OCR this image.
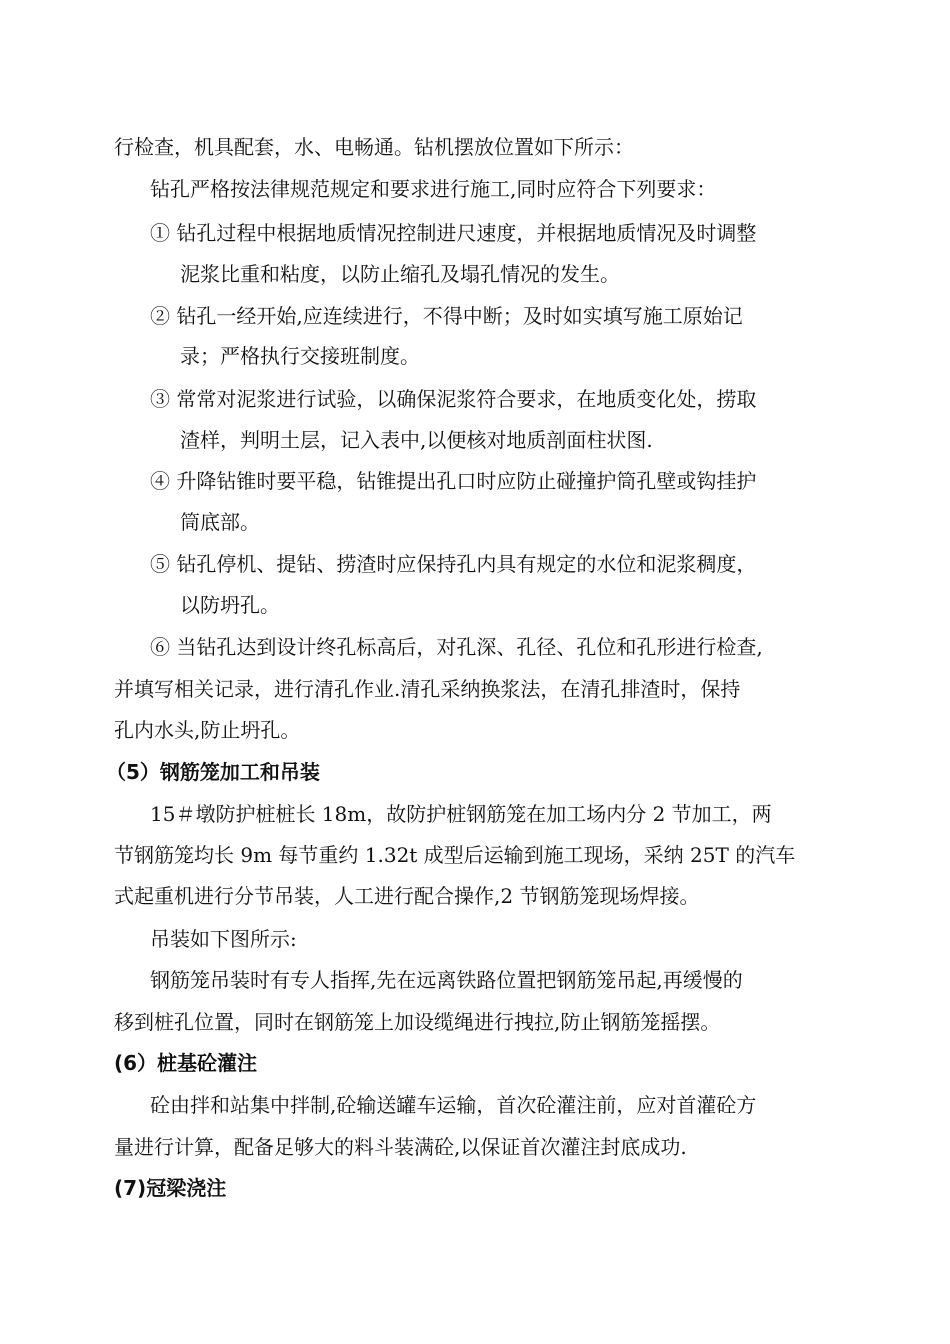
行检查，机具配套，水、电畅通。钻机摆放位置如下所示：
钻孔严格按法律规范规定和要求进行施工,同时应符合下列要求：
① 钻孔过程中根据地质情况控制进尺速度，并根据地质情况及时调整
泥浆比重和粘度，以防止缩孔及塌孔情况的发生。
② 钻孔一经开始,应连续进行，不得中断；及时如实填写施工原始记
录；严格执行交接班制度。
③ 常常对泥浆进行试验，以确保泥浆符合要求，在地质变化处，捞取
渣样，判明土层，记入表中,以便核对地质剖面柱状图.
④ 升降钻锥时要平稳，钻锥提出孔口时应防止碰撞护筒孔壁或钩挂护
筒底部。
⑤ 钻孔停机、提钻、捞渣时应保持孔内具有规定的水位和泥浆稠度，
以防坍孔。
⑥ 当钻孔达到设计终孔标高后，对孔深、孔径、孔位和孔形进行检查,
并填写相关记录，进行清孔作业.清孔采纳换浆法，在清孔排渣时，保持
孔内水头,防止坍孔。
（5）钢筋笼加工和吊装
15＃墩防护桩桩长 18m，故防护桩钢筋笼在加工场内分 2 节加工，两
节钢筋笼均长 9m 每节重约 1.32t 成型后运输到施工现场，采纳 25T 的汽车
式起重机进行分节吊装，人工进行配合操作,2 节钢筋笼现场焊接。
吊装如下图所示:
钢筋笼吊装时有专人指挥,先在远离铁路位置把钢筋笼吊起,再缓慢的
移到桩孔位置，同时在钢筋笼上加设缆绳进行拽拉,防止钢筋笼摇摆。
(6）桩基砼灌注
砼由拌和站集中拌制,砼输送罐车运输，首次砼灌注前，应对首灌砼方
量进行计算，配备足够大的料斗装满砼,以保证首次灌注封底成功.
(7)冠梁浇注
